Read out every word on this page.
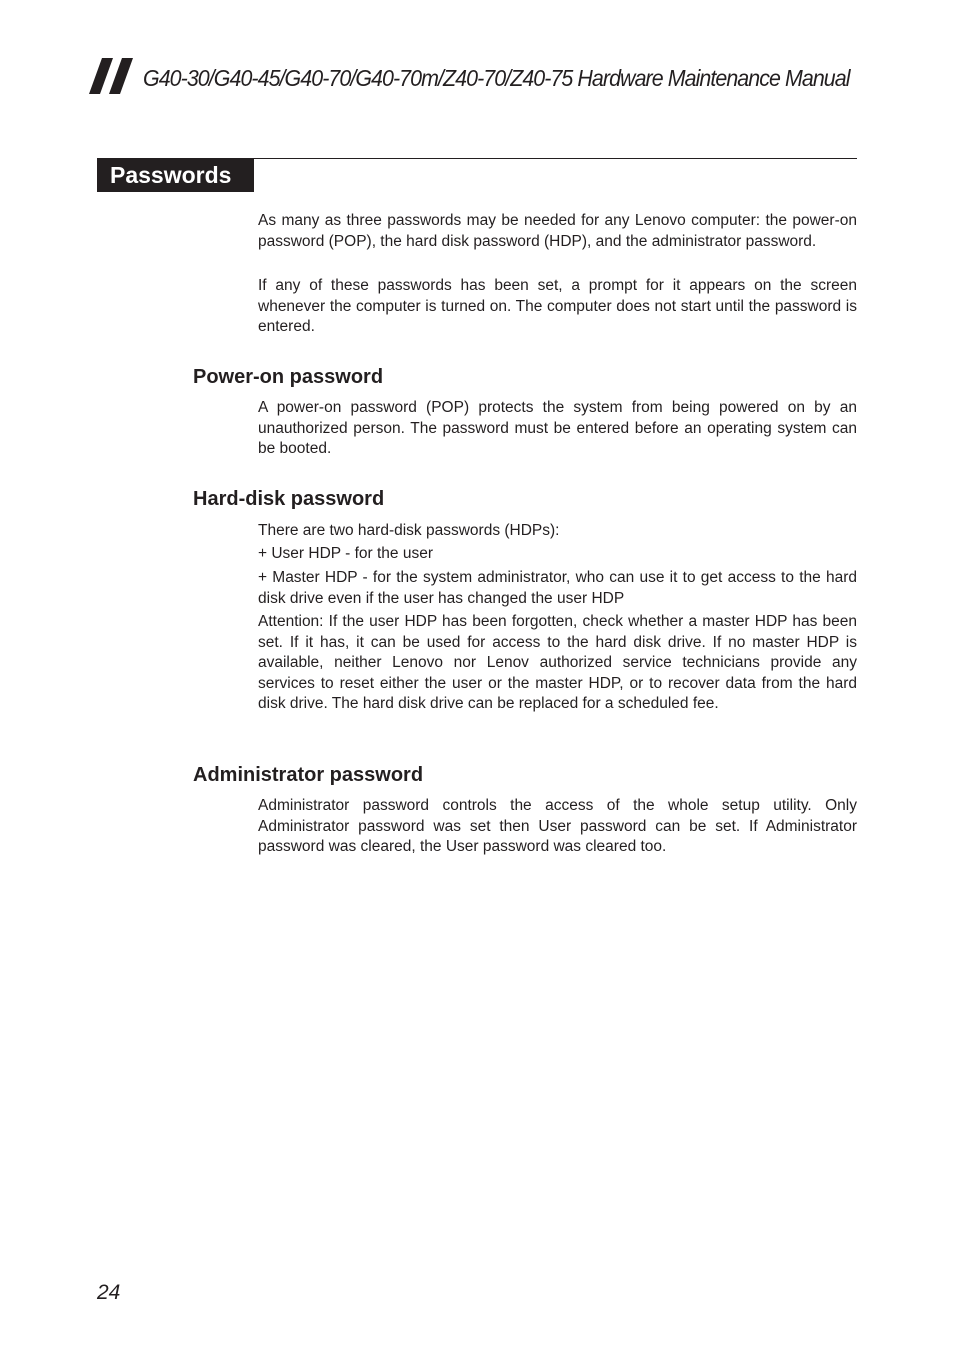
G40-30/G40-45/G40-70/G40-70m/Z40-70/Z40-75 Hardware Maintenance Manual
Passwords

As many as three passwords may be needed for any Lenovo computer: the power-on password (POP), the hard disk password (HDP), and the administrator password.

If any of these passwords has been set, a prompt for it appears on the screen whenever the computer is turned on. The computer does not start until the password is entered.

Power-on password

A power-on password (POP) protects the system from being powered on by an unauthorized person. The password must be entered before an operating system can be booted.

Hard-disk password

There are two hard-disk passwords (HDPs):

+ User HDP - for the user

+ Master HDP - for the system administrator, who can use it to get access to the hard disk drive even if the user has changed the user HDP

Attention: If the user HDP has been forgotten, check whether a master HDP has been set. If it has, it can be used for access to the hard disk drive. If no master HDP is available, neither Lenovo nor Lenov authorized service technicians provide any services to reset either the user or the master HDP, or to recover data from the hard disk drive. The hard disk drive can be replaced for a scheduled fee.

Administrator password

Administrator password controls the access of the whole setup utility. Only Administrator password was set then User password can be set. If Administrator password was cleared, the User password was cleared too.

24
